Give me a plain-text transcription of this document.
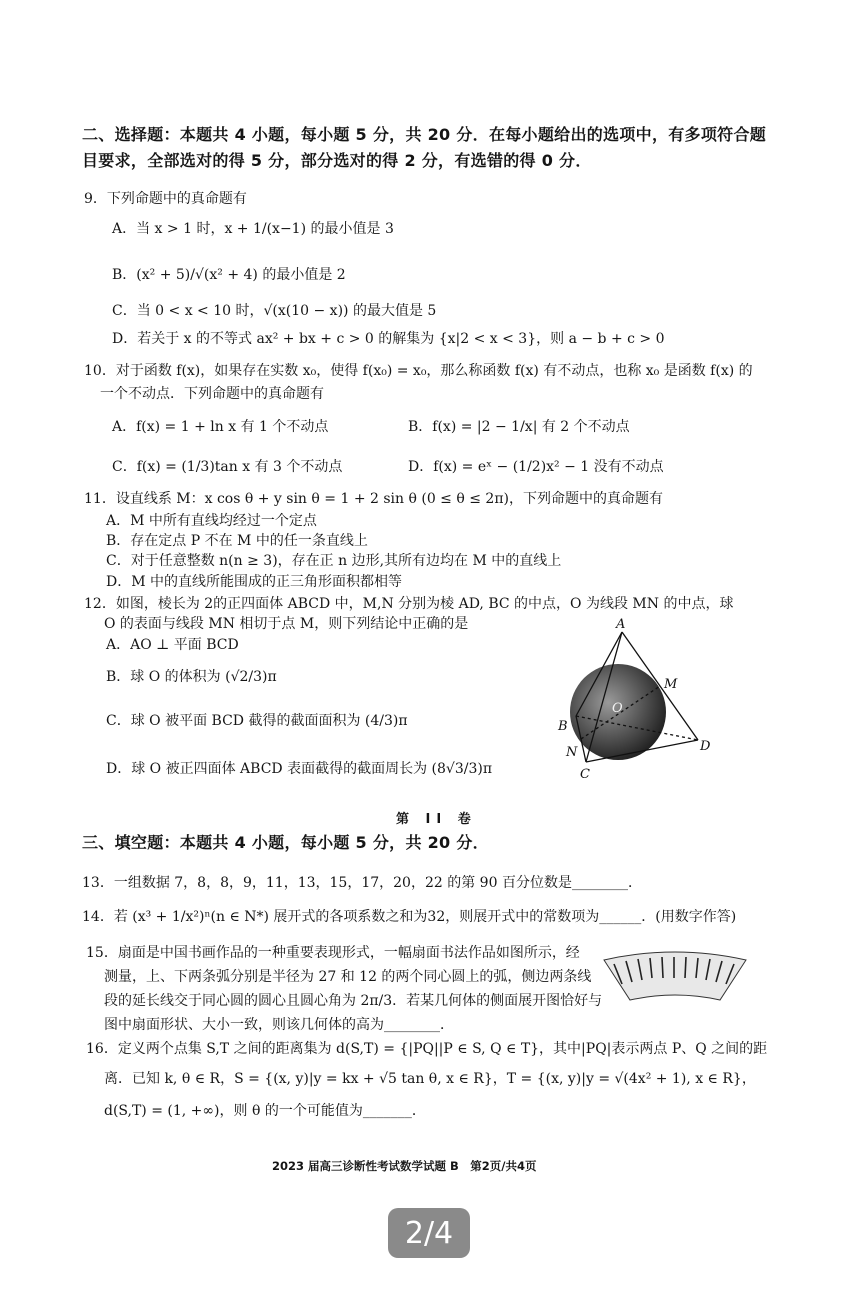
二、选择题：本题共 4 小题，每小题 5 分，共 20 分．在每小题给出的选项中，有多项符合题
目要求，全部选对的得 5 分，部分选对的得 2 分，有选错的得 0 分．
9．下列命题中的真命题有
A．当 x > 1 时，x + 1/(x−1) 的最小值是 3
B．(x² + 5)/√(x² + 4) 的最小值是 2
C．当 0 < x < 10 时，√(x(10 − x)) 的最大值是 5
D．若关于 x 的不等式 ax² + bx + c > 0 的解集为 {x|2 < x < 3}，则 a − b + c > 0
10．对于函数 f(x)，如果存在实数 x₀，使得 f(x₀) = x₀，那么称函数 f(x) 有不动点，也称 x₀ 是函数 f(x) 的
一个不动点．下列命题中的真命题有
A．f(x) = 1 + ln x 有 1 个不动点	B．f(x) = |2 − 1/x| 有 2 个不动点
C．f(x) = (1/3)tan x 有 3 个不动点	D．f(x) = eˣ − (1/2)x² − 1 没有不动点
11．设直线系 M：x cos θ + y sin θ = 1 + 2 sin θ (0 ≤ θ ≤ 2π)，下列命题中的真命题有
A．M 中所有直线均经过一个定点
B．存在定点 P 不在 M 中的任一条直线上
C．对于任意整数 n(n ≥ 3)，存在正 n 边形,其所有边均在 M 中的直线上
D．M 中的直线所能围成的正三角形面积都相等
12．如图，棱长为 2的正四面体 ABCD 中，M,N 分别为棱 AD, BC 的中点，O 为线段 MN 的中点，球
O 的表面与线段 MN 相切于点 M，则下列结论中正确的是
A．AO ⊥ 平面 BCD
B．球 O 的体积为 (√2/3)π
C．球 O 被平面 BCD 截得的截面面积为 (4/3)π
D．球 O 被正四面体 ABCD 表面截得的截面周长为 (8√3/3)π
A
B
C
D
M
N
O
第 II 卷
三、填空题：本题共 4 小题，每小题 5 分，共 20 分．
13．一组数据 7，8，8，9，11，13，15，17，20，22 的第 90 百分位数是________．
14．若 (x³ + 1/x²)ⁿ(n ∈ N*) 展开式的各项系数之和为32，则展开式中的常数项为______．(用数字作答)
15．扇面是中国书画作品的一种重要表现形式，一幅扇面书法作品如图所示，经
测量，上、下两条弧分别是半径为 27 和 12 的两个同心圆上的弧，侧边两条线
段的延长线交于同心圆的圆心且圆心角为 2π/3．若某几何体的侧面展开图恰好与
图中扇面形状、大小一致，则该几何体的高为________．
16．定义两个点集 S,T 之间的距离集为 d(S,T) = {|PQ||P ∈ S, Q ∈ T}，其中|PQ|表示两点 P、Q 之间的距
离．已知 k, θ ∈ R，S = {(x, y)|y = kx + √5 tan θ, x ∈ R}，T = {(x, y)|y = √(4x² + 1), x ∈ R}，
d(S,T) = (1, +∞)，则 θ 的一个可能值为_______．
2023 届高三诊断性考试数学试题 B　第2页/共4页
2/4
